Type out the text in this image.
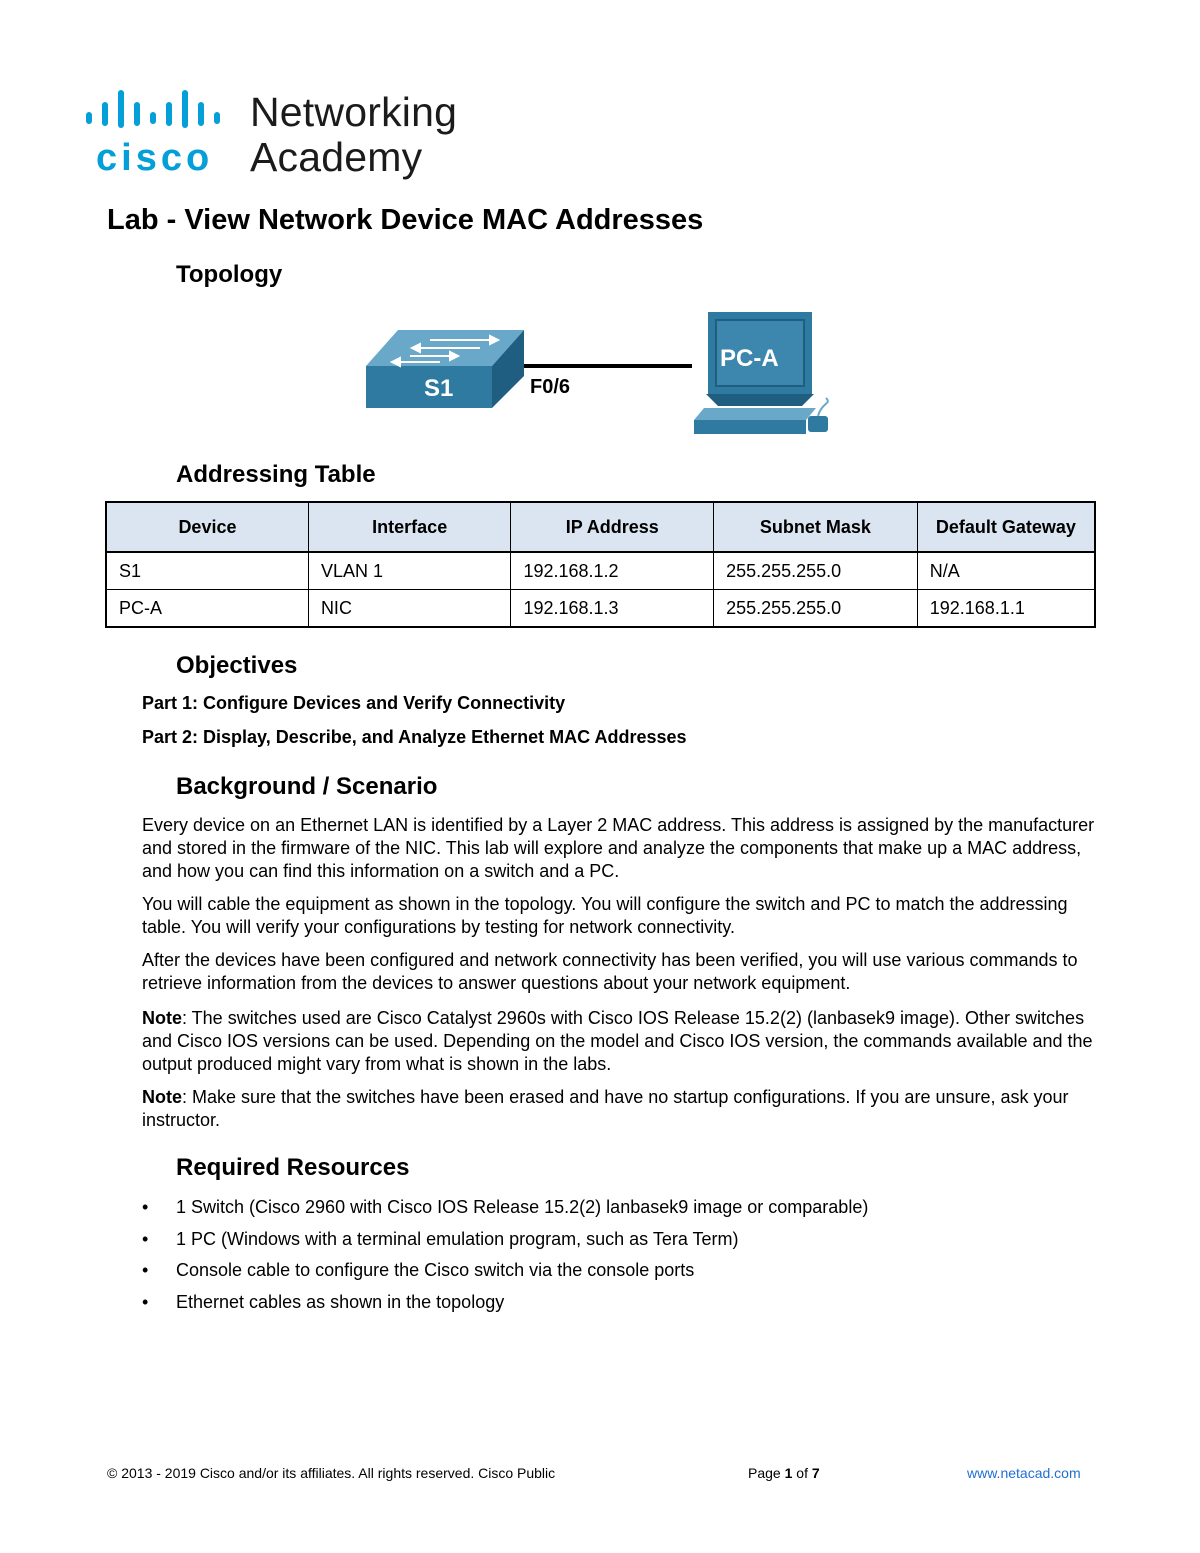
cisco
Networking
Academy
Lab - View Network Device MAC Addresses
Topology
S1	F0/6
PC-A
Addressing Table
Device	Interface	IP Address	Subnet Mask	Default Gateway
S1	VLAN 1	192.168.1.2	255.255.255.0	N/A
PC-A	NIC	192.168.1.3	255.255.255.0	192.168.1.1
Objectives
Part 1: Configure Devices and Verify Connectivity
Part 2: Display, Describe, and Analyze Ethernet MAC Addresses
Background / Scenario

Every device on an Ethernet LAN is identified by a Layer 2 MAC address. This address is assigned by the manufacturer and stored in the firmware of the NIC. This lab will explore and analyze the components that make up a MAC address, and how you can find this information on a switch and a PC.

You will cable the equipment as shown in the topology. You will configure the switch and PC to match the addressing table. You will verify your configurations by testing for network connectivity.

After the devices have been configured and network connectivity has been verified, you will use various commands to retrieve information from the devices to answer questions about your network equipment.

Note: The switches used are Cisco Catalyst 2960s with Cisco IOS Release 15.2(2) (lanbasek9 image). Other switches and Cisco IOS versions can be used. Depending on the model and Cisco IOS version, the commands available and the output produced might vary from what is shown in the labs.

Note: Make sure that the switches have been erased and have no startup configurations. If you are unsure, ask your instructor.

Required Resources
• 1 Switch (Cisco 2960 with Cisco IOS Release 15.2(2) lanbasek9 image or comparable)
• 1 PC (Windows with a terminal emulation program, such as Tera Term)
• Console cable to configure the Cisco switch via the console ports
• Ethernet cables as shown in the topology
© 2013 - 2019 Cisco and/or its affiliates. All rights reserved. Cisco Public	Page 1 of 7	www.netacad.com
